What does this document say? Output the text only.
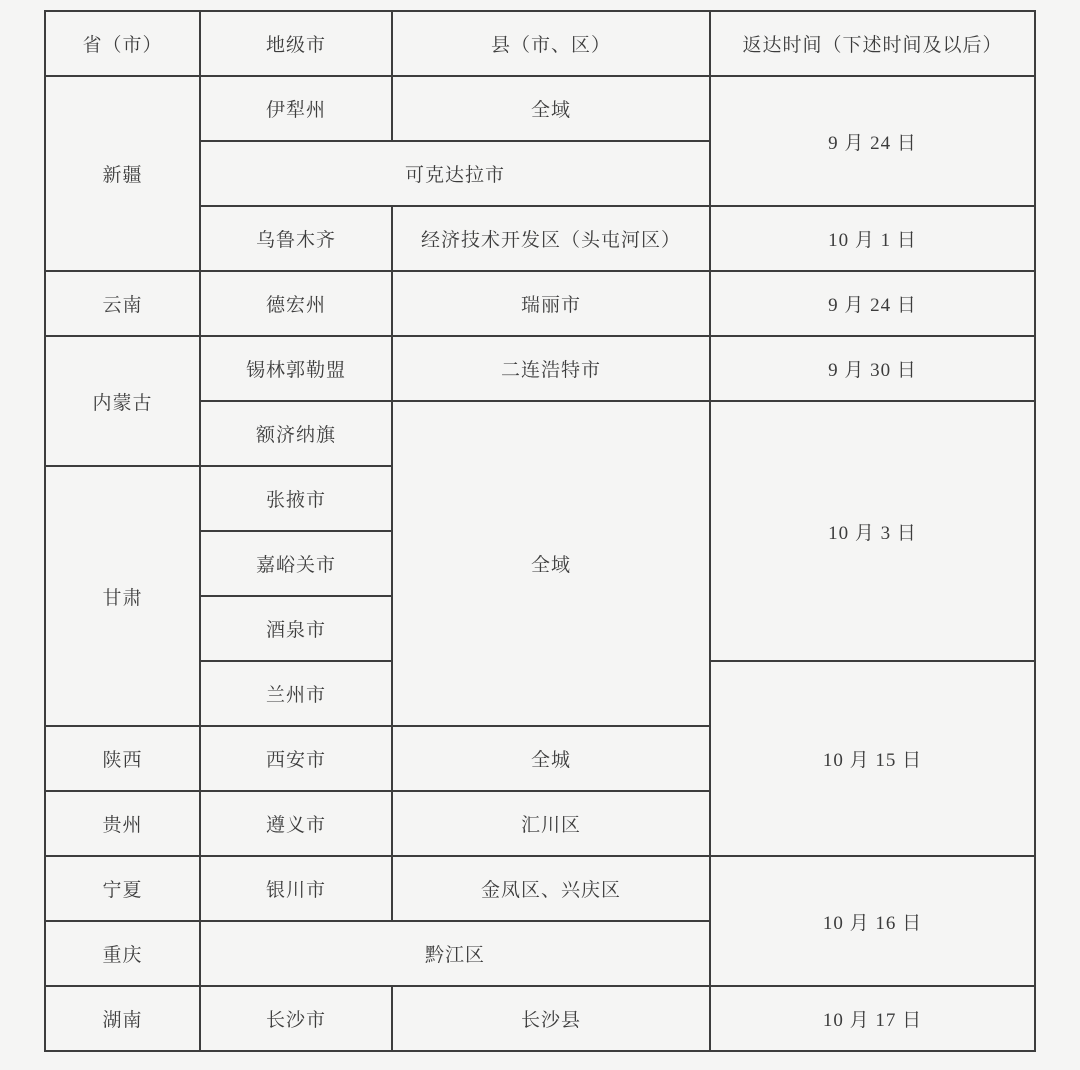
省（市）	地级市	县（市、区）	返达时间（下述时间及以后）
新疆	伊犁州	全域	9 月 24 日
	可克达拉市		
	乌鲁木齐	经济技术开发区（头屯河区）	10 月 1 日
云南	德宏州	瑞丽市	9 月 24 日
内蒙古	锡林郭勒盟	二连浩特市	9 月 30 日
	额济纳旗	全域	10 月 3 日
甘肃	张掖市		
	嘉峪关市		
	酒泉市		
	兰州市		10 月 15 日
陕西	西安市	全城	
贵州	遵义市	汇川区	
宁夏	银川市	金凤区、兴庆区	10 月 16 日
重庆	黔江区		
湖南	长沙市	长沙县	10 月 17 日
